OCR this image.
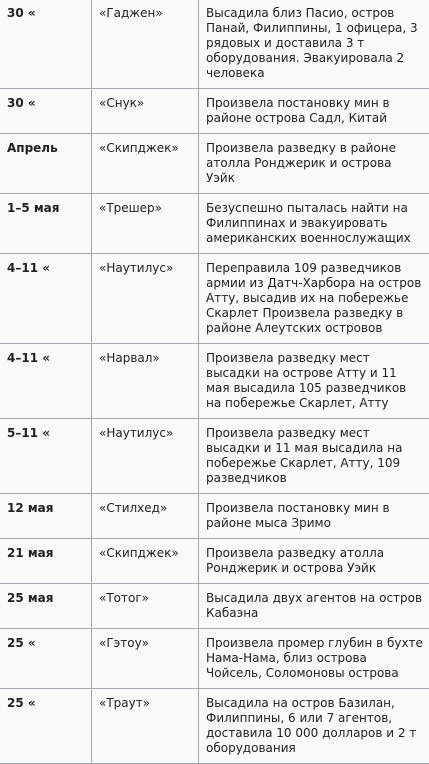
30 «	«Гаджен»	Высадила близ Пасио, остров Панай, Филиппины, 1 офицера, 3 рядовых и доставила 3 т оборудования. Эвакуировала 2 человека
30 «	«Снук»	Произвела постановку мин в районе острова Садл, Китай
Апрель	«Скипджек»	Произвела разведку в районе атолла Ронджерик и острова Уэйк
1–5 мая	«Трешер»	Безуспешно пыталась найти на Филиппинах и эвакуировать американских военнослужащих
4–11 «	«Наутилус»	Переправила 109 разведчиков армии из Датч-Харбора на остров Атту, высадив их на побережье Скарлет Произвела разведку в районе Алеутских островов
4–11 «	«Нарвал»	Произвела разведку мест высадки на острове Атту и 11 мая высадила 105 разведчиков на побережье Скарлет, Атту
5–11 «	«Наутилус»	Произвела разведку мест высадки и 11 мая высадила на побережье Скарлет, Атту, 109 разведчиков
12 мая	«Стилхед»	Произвела постановку мин в районе мыса Зримо
21 мая	«Скипджек»	Произвела разведку атолла Ронджерик и острова Уэйк
25 мая	«Тотог»	Высадила двух агентов на остров Кабаэна
25 «	«Гэтоу»	Произвела промер глубин в бухте Нама-Нама, близ острова Чойсель, Соломоновы острова
25 «	«Траут»	Высадила на остров Базилан, Филиппины, 6 или 7 агентов, доставила 10 000 долларов и 2 т оборудования
